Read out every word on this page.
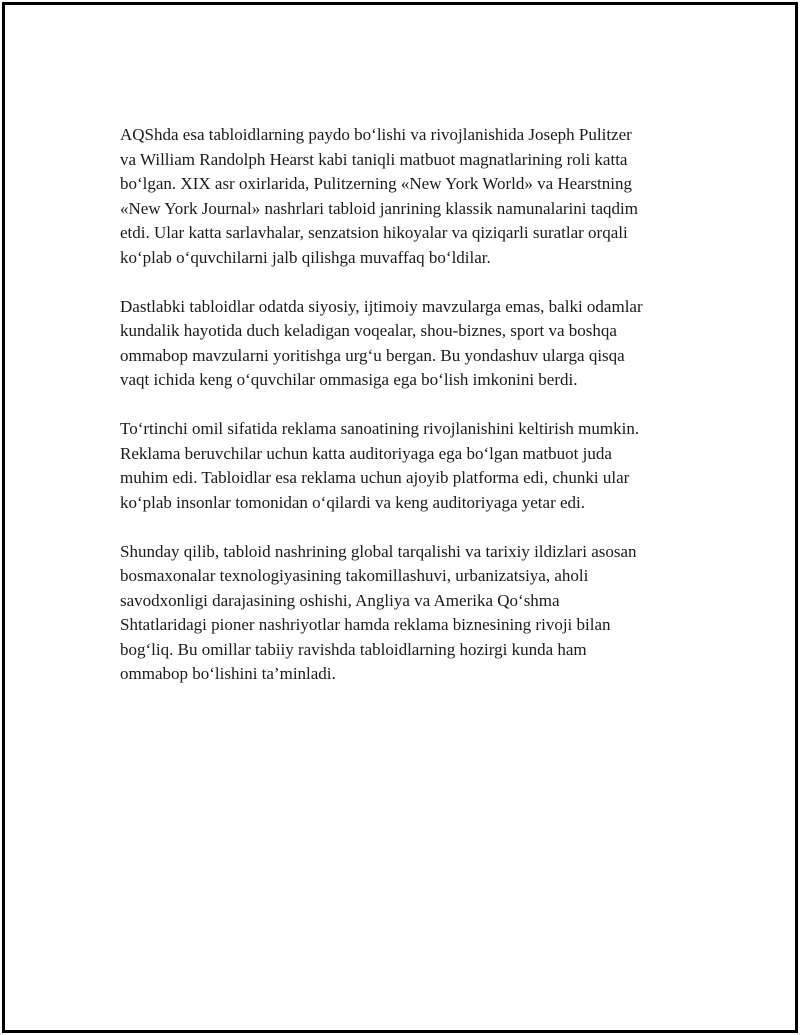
AQShda esa tabloidlarning paydo bo‘lishi va rivojlanishida Joseph Pulitzer
va William Randolph Hearst kabi taniqli matbuot magnatlarining roli katta
bo‘lgan. XIX asr oxirlarida, Pulitzerning «New York World» va Hearstning
«New York Journal» nashrlari tabloid janrining klassik namunalarini taqdim
etdi. Ular katta sarlavhalar, senzatsion hikoyalar va qiziqarli suratlar orqali
ko‘plab o‘quvchilarni jalb qilishga muvaffaq bo‘ldilar.

Dastlabki tabloidlar odatda siyosiy, ijtimoiy mavzularga emas, balki odamlar
kundalik hayotida duch keladigan voqealar, shou-biznes, sport va boshqa
ommabop mavzularni yoritishga urg‘u bergan. Bu yondashuv ularga qisqa
vaqt ichida keng o‘quvchilar ommasiga ega bo‘lish imkonini berdi.

To‘rtinchi omil sifatida reklama sanoatining rivojlanishini keltirish mumkin.
Reklama beruvchilar uchun katta auditoriyaga ega bo‘lgan matbuot juda
muhim edi. Tabloidlar esa reklama uchun ajoyib platforma edi, chunki ular
ko‘plab insonlar tomonidan o‘qilardi va keng auditoriyaga yetar edi.

Shunday qilib, tabloid nashrining global tarqalishi va tarixiy ildizlari asosan
bosmaxonalar texnologiyasining takomillashuvi, urbanizatsiya, aholi
savodxonligi darajasining oshishi, Angliya va Amerika Qo‘shma
Shtatlaridagi pioner nashriyotlar hamda reklama biznesining rivoji bilan
bog‘liq. Bu omillar tabiiy ravishda tabloidlarning hozirgi kunda ham
ommabop bo‘lishini ta’minladi.
